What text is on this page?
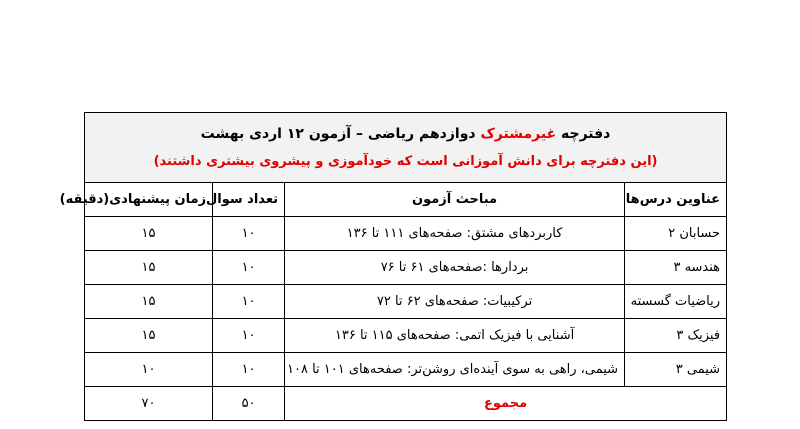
دفترچه غیرمشترک دوازدهم ریاضی – آزمون ۱۲ اردی بهشت
(این دفترچه برای دانش آموزانی است که خودآموزی و پیشروی بیشتری داشتند)			

عناوین درس‌ها	مباحث آزمون	تعداد سوال	زمان پیشنهادی(دقیقه)
حسابان ۲	کاربردهای مشتق: صفحه‌های ۱۱۱ تا ۱۳۶	۱۰	۱۵
هندسه ۳	بردارها :صفحه‌های ۶۱ تا ۷۶	۱۰	۱۵
ریاضیات گسسته	ترکیبیات: صفحه‌های ۶۲ تا ۷۲	۱۰	۱۵
فیزیک ۳	آشنایی با فیزیک اتمی: صفحه‌های ۱۱۵ تا ۱۳۶	۱۰	۱۵
شیمی ۳	شیمی، راهی به سوی آینده‌ای روشن‌تر: صفحه‌های ۱۰۱ تا ۱۰۸	۱۰	۱۰
مجموع		۵۰	۷۰
